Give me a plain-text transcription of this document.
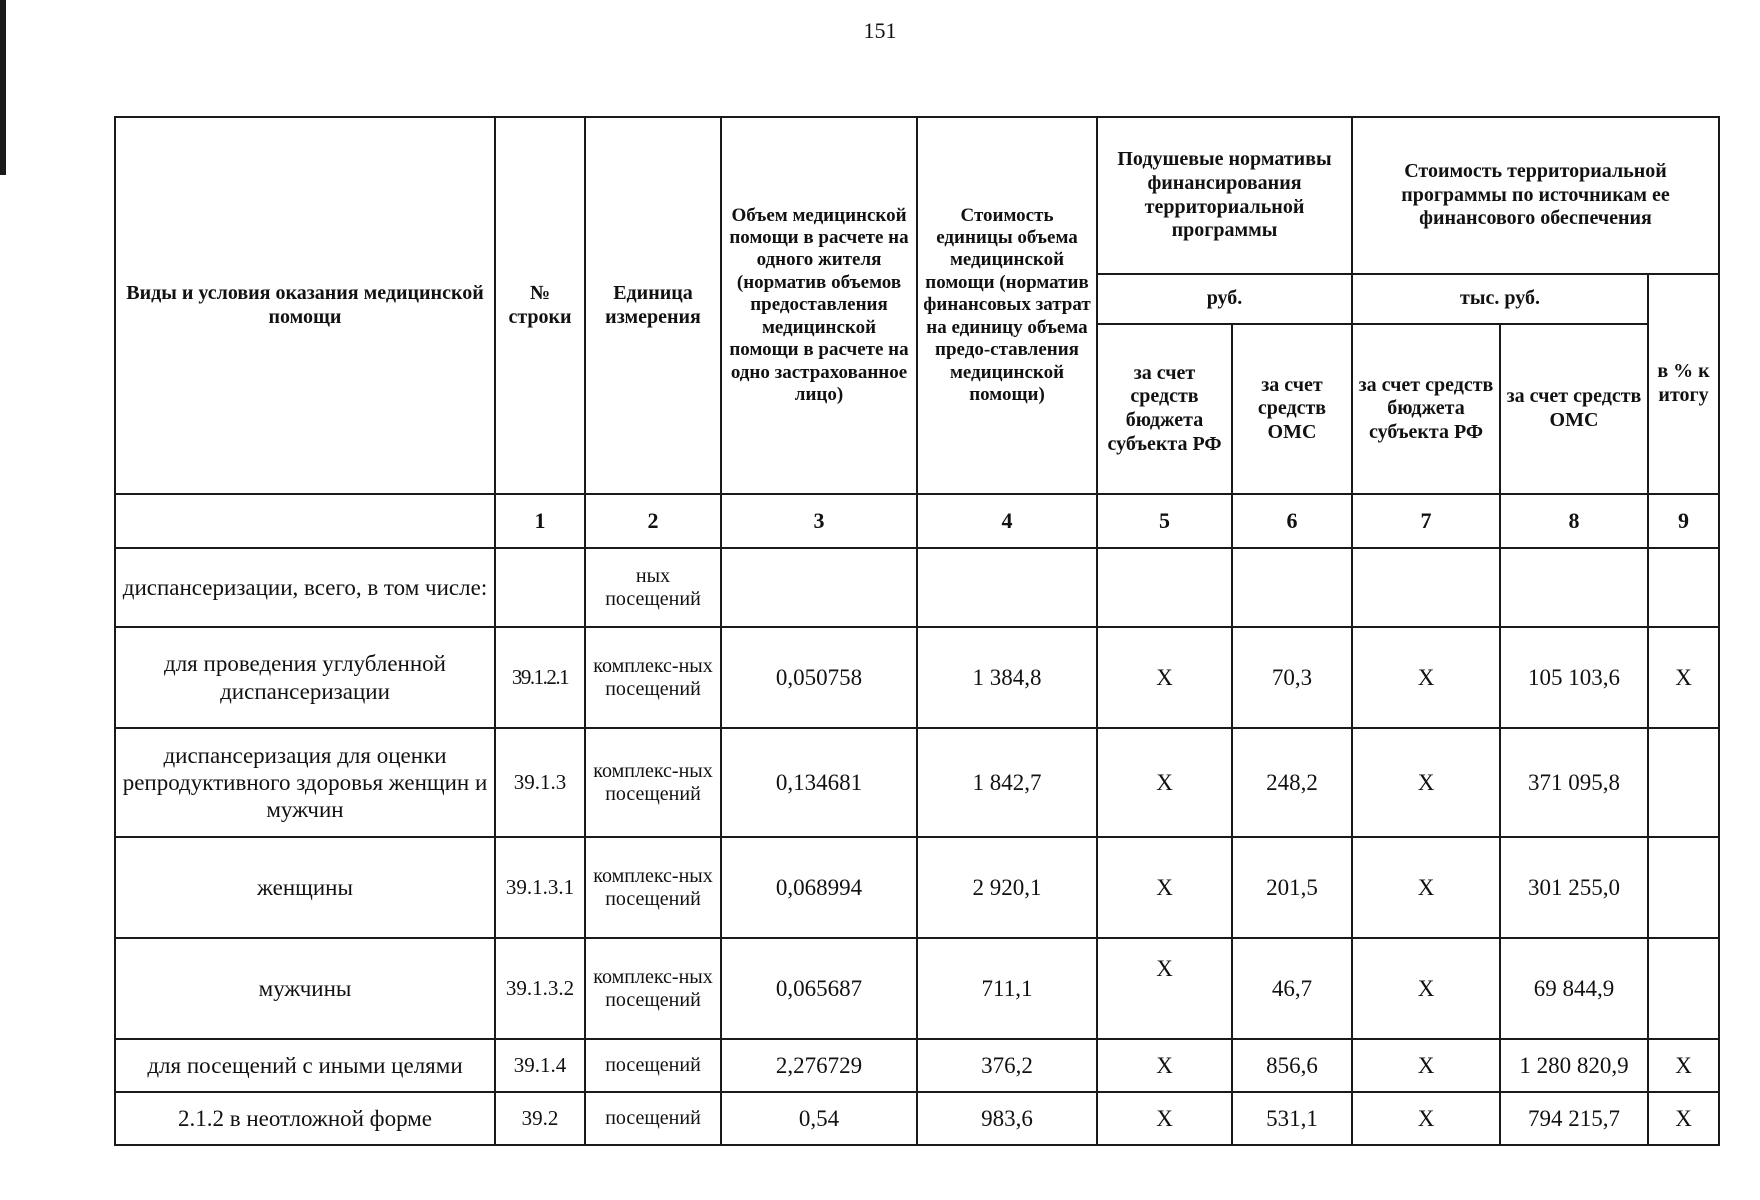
151
Виды и условия оказания медицинской помощи	№ строки	Единица измерения	Объем медицинской помощи в расчете на одного жителя (норматив объемов предоставления медицинской помощи в расчете на одно застрахованное лицо)	Стоимость единицы объема медицинской помощи (норматив финансовых затрат на единицу объема предо-ставления медицинской помощи)	Подушевые нормативы финансирования территориальной программы		Стоимость территориальной программы по источникам ее финансового обеспечения		
					руб.		тыс. руб.		в % к итогу
					за счет средств бюджета субъекта РФ	за счет средств ОМС	за счет средств бюджета субъекта РФ	за счет средств ОМС	
	1	2	3	4	5	6	7	8	9
диспансеризации, всего, в том числе:		ных посещений							
для проведения углубленной диспансеризации	39.1.2.1	комплекс-ных посещений	0,050758	1 384,8	X	70,3	X	105 103,6	X
диспансеризация для оценки репродуктивного здоровья женщин и мужчин	39.1.3	комплекс-ных посещений	0,134681	1 842,7	X	248,2	X	371 095,8	
женщины	39.1.3.1	комплекс-ных посещений	0,068994	2 920,1	X	201,5	X	301 255,0	
мужчины	39.1.3.2	комплекс-ных посещений	0,065687	711,1	X	46,7	X	69 844,9	
для посещений с иными целями	39.1.4	посещений	2,276729	376,2	X	856,6	X	1 280 820,9	X
2.1.2 в неотложной форме	39.2	посещений	0,54	983,6	X	531,1	X	794 215,7	X
